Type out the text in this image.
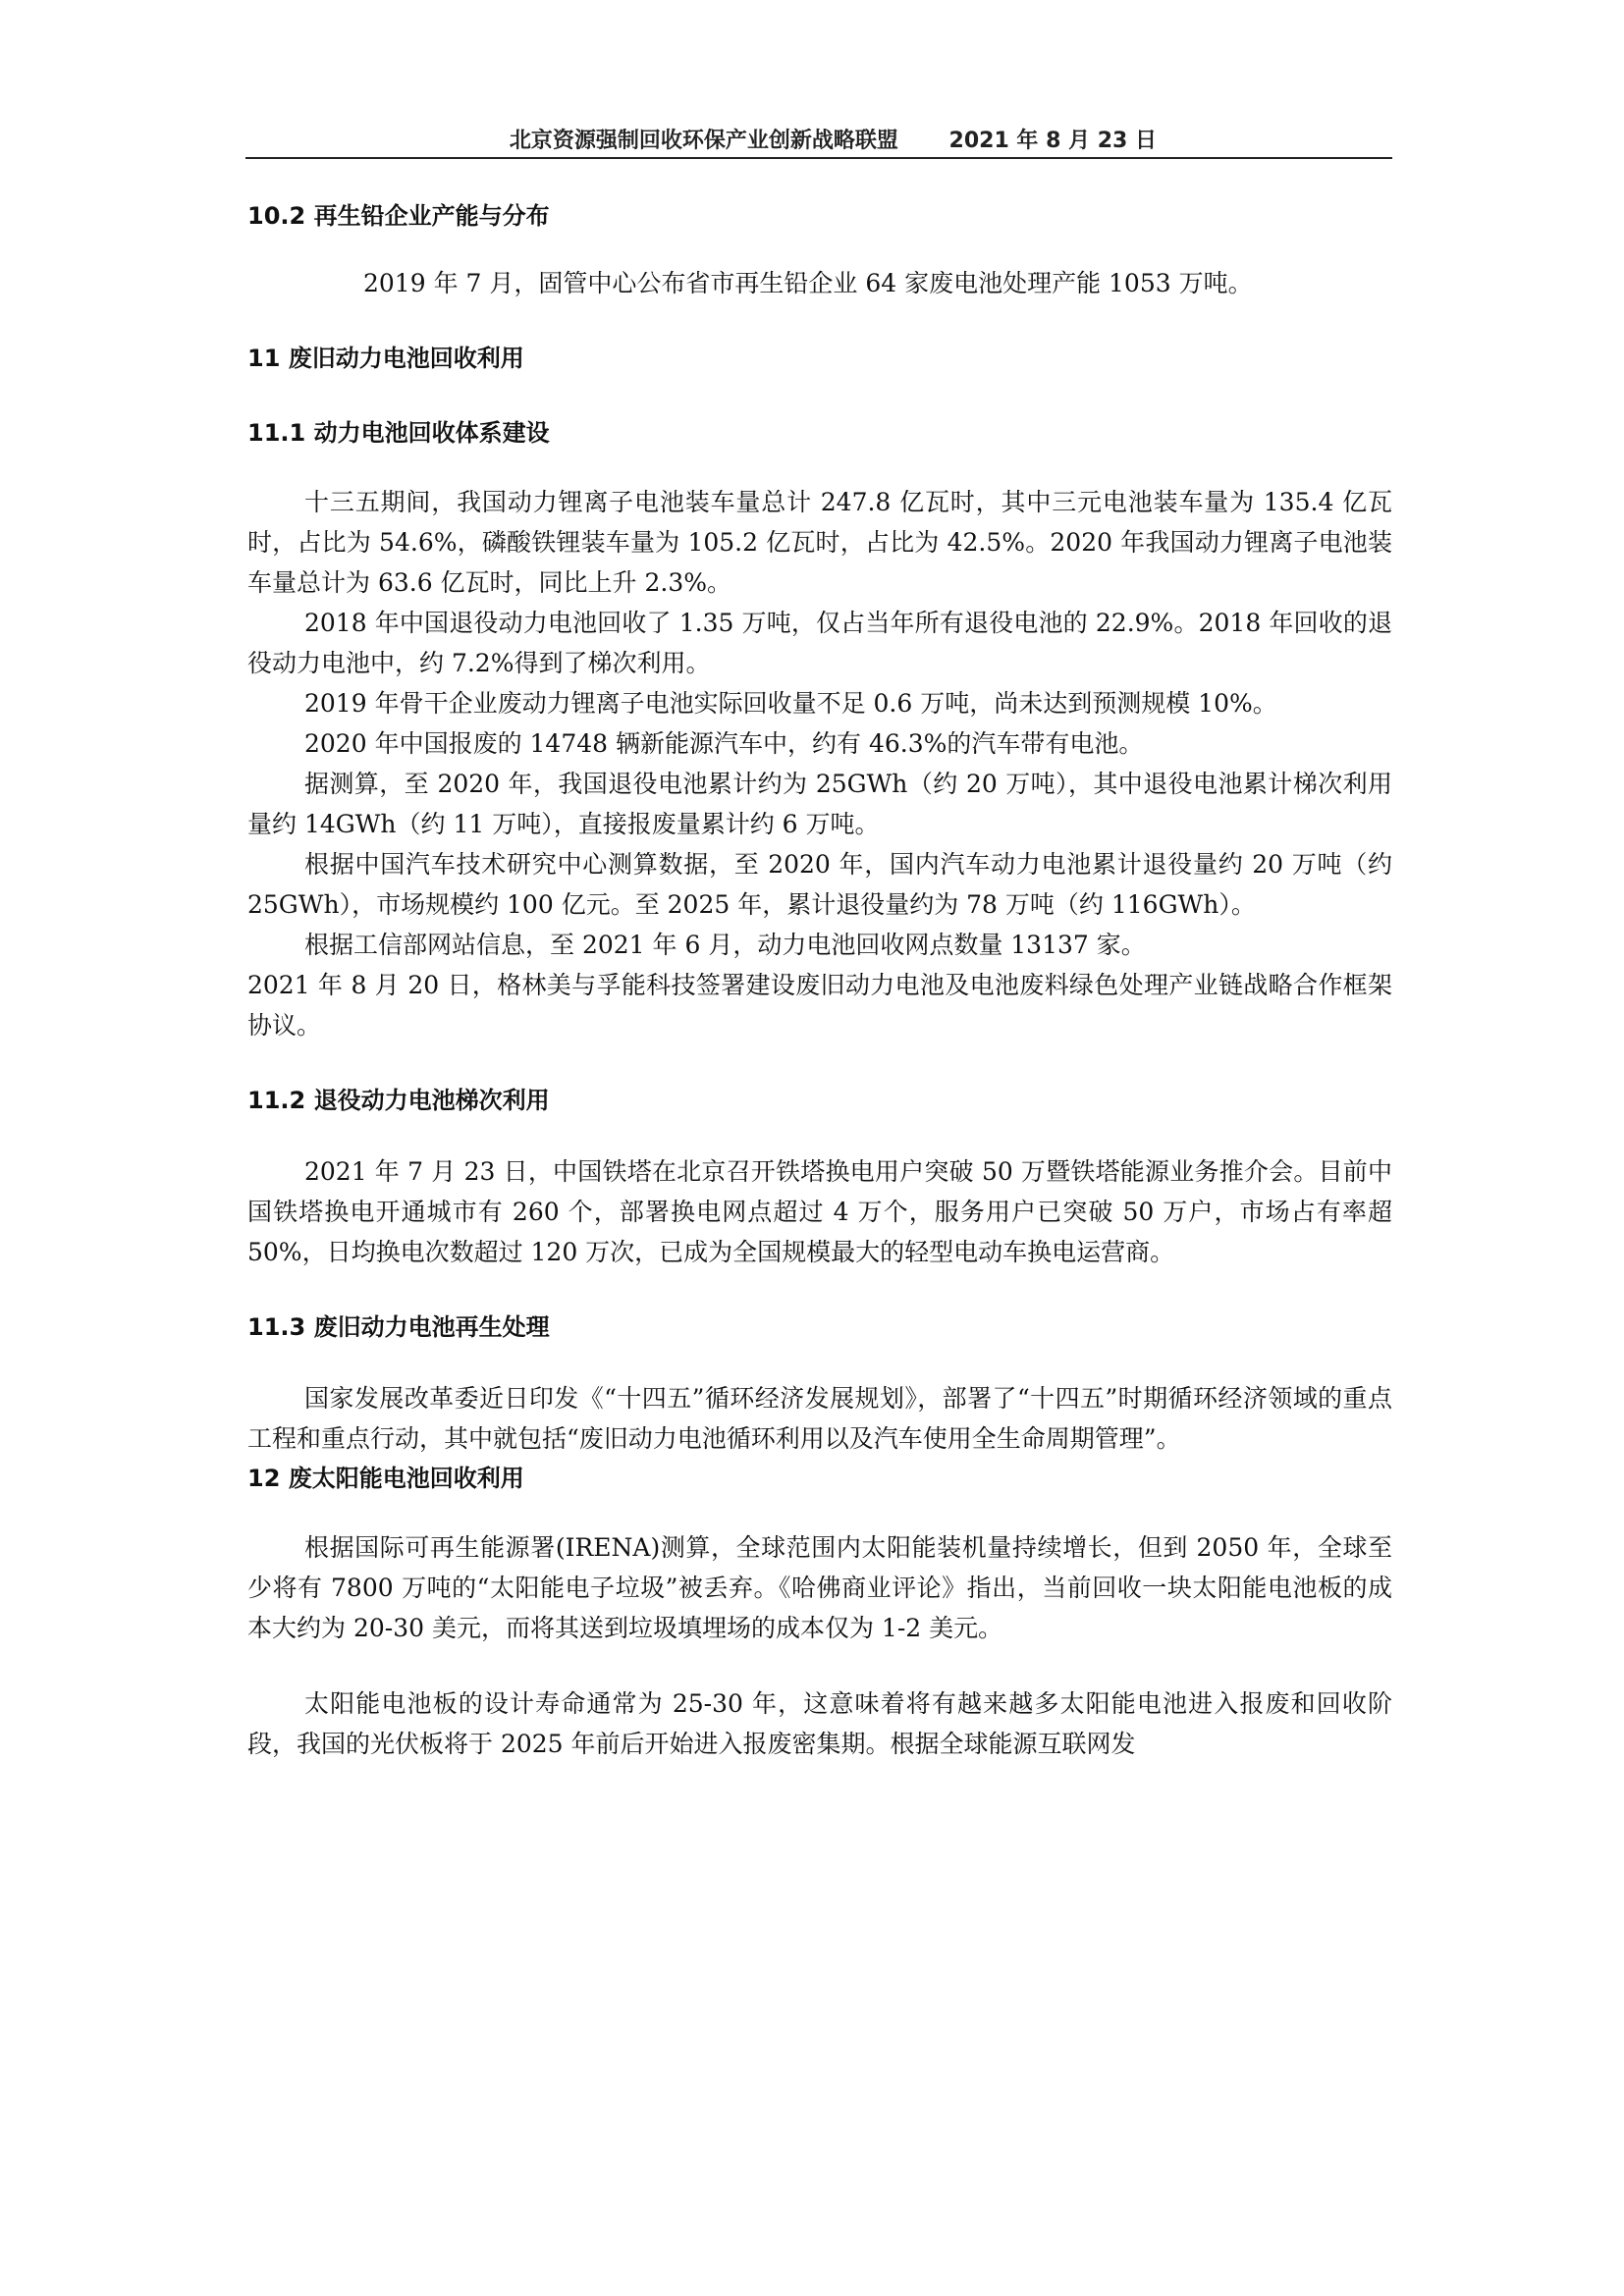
北京资源强制回收环保产业创新战略联盟 2021 年 8 月 23 日
10.2 再生铅企业产能与分布

2019 年 7 月，固管中心公布省市再生铅企业 64 家废电池处理产能 1053 万吨。

11 废旧动力电池回收利用
11.1 动力电池回收体系建设

十三五期间，我国动力锂离子电池装车量总计 247.8 亿瓦时，其中三元电池装车量为 135.4 亿瓦时，占比为 54.6%，磷酸铁锂装车量为 105.2 亿瓦时，占比为 42.5%。2020 年我国动力锂离子电池装车量总计为 63.6 亿瓦时，同比上升 2.3%。

2018 年中国退役动力电池回收了 1.35 万吨，仅占当年所有退役电池的 22.9%。2018 年回收的退役动力电池中，约 7.2%得到了梯次利用。

2019 年骨干企业废动力锂离子电池实际回收量不足 0.6 万吨，尚未达到预测规模 10%。

2020 年中国报废的 14748 辆新能源汽车中，约有 46.3%的汽车带有电池。

据测算，至 2020 年，我国退役电池累计约为 25GWh（约 20 万吨），其中退役电池累计梯次利用量约 14GWh（约 11 万吨），直接报废量累计约 6 万吨。

根据中国汽车技术研究中心测算数据，至 2020 年，国内汽车动力电池累计退役量约 20 万吨（约 25GWh），市场规模约 100 亿元。至 2025 年，累计退役量约为 78 万吨（约 116GWh）。

根据工信部网站信息，至 2021 年 6 月，动力电池回收网点数量 13137 家。

2021 年 8 月 20 日，格林美与孚能科技签署建设废旧动力电池及电池废料绿色处理产业链战略合作框架协议。

11.2 退役动力电池梯次利用

2021 年 7 月 23 日，中国铁塔在北京召开铁塔换电用户突破 50 万暨铁塔能源业务推介会。目前中国铁塔换电开通城市有 260 个，部署换电网点超过 4 万个，服务用户已突破 50 万户，市场占有率超 50%，日均换电次数超过 120 万次，已成为全国规模最大的轻型电动车换电运营商。

11.3 废旧动力电池再生处理

国家发展改革委近日印发《“十四五”循环经济发展规划》，部署了“十四五”时期循环经济领域的重点工程和重点行动，其中就包括“废旧动力电池循环利用以及汽车使用全生命周期管理”。

12 废太阳能电池回收利用

根据国际可再生能源署(IRENA)测算，全球范围内太阳能装机量持续增长，但到 2050 年，全球至少将有 7800 万吨的“太阳能电子垃圾”被丢弃。《哈佛商业评论》指出，当前回收一块太阳能电池板的成本大约为 20-30 美元，而将其送到垃圾填埋场的成本仅为 1-2 美元。

太阳能电池板的设计寿命通常为 25-30 年，这意味着将有越来越多太阳能电池进入报废和回收阶段，我国的光伏板将于 2025 年前后开始进入报废密集期。根据全球能源互联网发
